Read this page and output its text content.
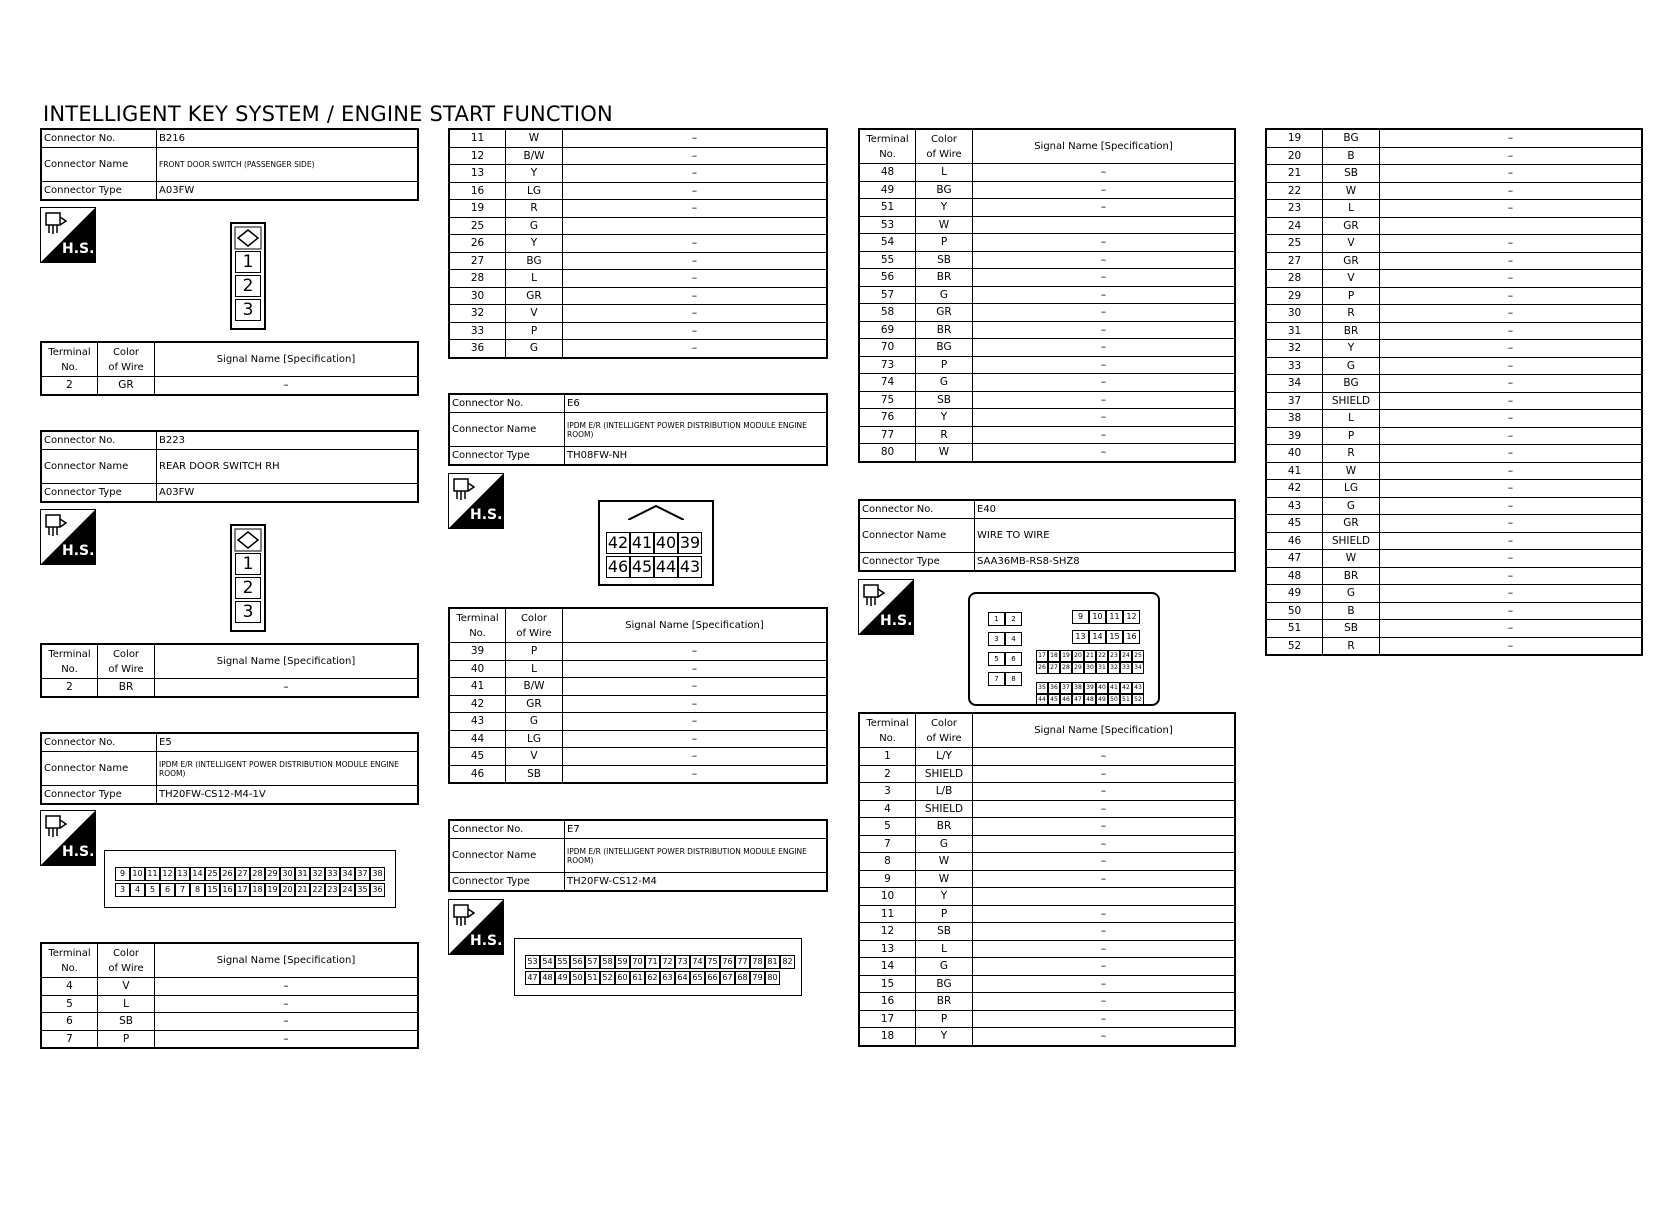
INTELLIGENT KEY SYSTEM / ENGINE START FUNCTION
Connector No.	B216
Connector Name	FRONT DOOR SWITCH (PASSENGER SIDE)
Connector Type	A03FW
H.S.
1
2
3
Terminal
No.	Color
of Wire	Signal Name [Specification]
2	GR	–
Connector No.	B223
Connector Name	REAR DOOR SWITCH RH
Connector Type	A03FW
H.S.
1
2
3
Terminal
No.	Color
of Wire	Signal Name [Specification]
2	BR	–
Connector No.	E5
Connector Name	IPDM E/R (INTELLIGENT POWER DISTRIBUTION MODULE ENGINE ROOM)
Connector Type	TH20FW-CS12-M4-1V
H.S.
9 10 11 12 13 14 25 26 27 28 29 30 31 32 33 34 37 38
3 4 5 6 7 8 15 16 17 18 19 20 21 22 23 24 35 36
Terminal
No.	Color
of Wire	Signal Name [Specification]
4	V	–
5	L	–
6	SB	–
7	P	–
11	W	–
12	B/W	–
13	Y	–
16	LG	–
19	R	–
25	G	
26	Y	–
27	BG	–
28	L	–
30	GR	–
32	V	–
33	P	–
36	G	–
Connector No.	E6
Connector Name	IPDM E/R (INTELLIGENT POWER DISTRIBUTION MODULE ENGINE ROOM)
Connector Type	TH08FW-NH
H.S.
42 41 40 39
46 45 44 43
Terminal
No.	Color
of Wire	Signal Name [Specification]
39	P	–
40	L	–
41	B/W	–
42	GR	–
43	G	–
44	LG	–
45	V	–
46	SB	–
Connector No.	E7
Connector Name	IPDM E/R (INTELLIGENT POWER DISTRIBUTION MODULE ENGINE ROOM)
Connector Type	TH20FW-CS12-M4
H.S.
53 54 55 56 57 58 59 70 71 72 73 74 75 76 77 78 81 82
47 48 49 50 51 52 60 61 62 63 64 65 66 67 68 79 80
Terminal
No.	Color
of Wire	Signal Name [Specification]
48	L	–
49	BG	–
51	Y	–
53	W	
54	P	–
55	SB	–
56	BR	–
57	G	–
58	GR	–
69	BR	–
70	BG	–
73	P	–
74	G	–
75	SB	–
76	Y	–
77	R	–
80	W	–
Connector No.	E40
Connector Name	WIRE TO WIRE
Connector Type	SAA36MB-RS8-SHZ8
H.S.	1 23 45 67 8
9 10 11 1213 14 15 16
17 18 19 20 21 22 23 24 25
26 27 28 29 30 31 32 33 34
35 36 37 38 39 40 41 42 43
44 45 46 47 48 49 50 51 52
Terminal
No.	Color
of Wire	Signal Name [Specification]
1	L/Y	–
2	SHIELD	–
3	L/B	–
4	SHIELD	–
5	BR	–
7	G	–
8	W	–
9	W	–
10	Y	
11	P	–
12	SB	–
13	L	–
14	G	–
15	BG	–
16	BR	–
17	P	–
18	Y	–
19	BG	–
20	B	–
21	SB	–
22	W	–
23	L	–
24	GR	
25	V	–
27	GR	–
28	V	–
29	P	–
30	R	–
31	BR	–
32	Y	–
33	G	–
34	BG	–
37	SHIELD	–
38	L	–
39	P	–
40	R	–
41	W	–
42	LG	–
43	G	–
45	GR	–
46	SHIELD	–
47	W	–
48	BR	–
49	G	–
50	B	–
51	SB	–
52	R	–
